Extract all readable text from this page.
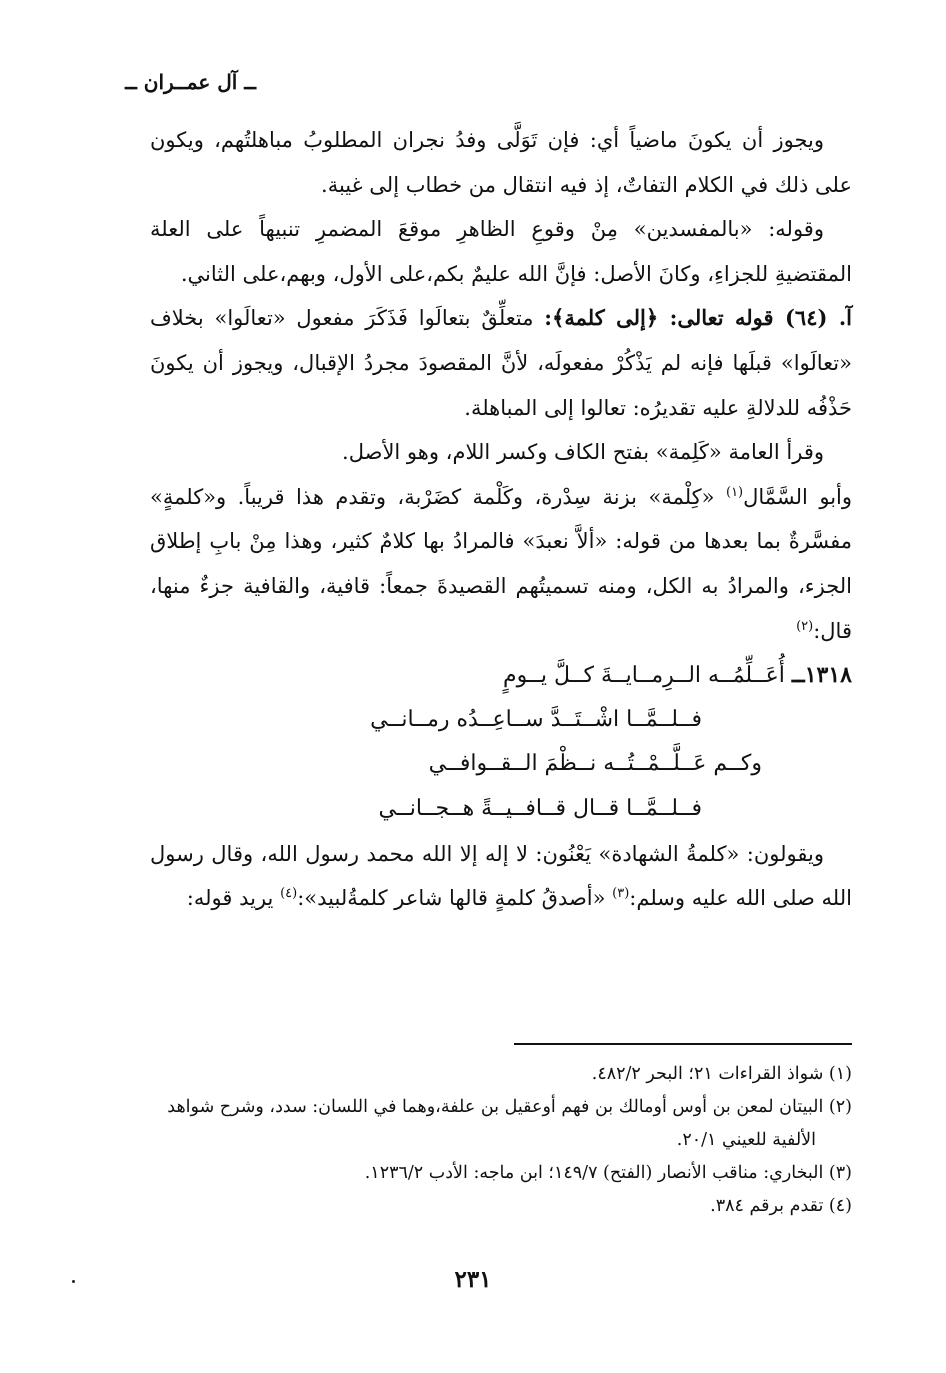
ــ آل عمــران ــ

ويجوز أن يكونَ ماضياً أي: فإن تَوَلَّى وفدُ نجران المطلوبُ مباهلتُهم، ويكون على ذلك في الكلام التفاتٌ، إذ فيه انتقال من خطاب إلى غيبة.

وقوله: «بالمفسدين» مِنْ وقوعِ الظاهرِ موقعَ المضمرِ تنبيهاً على العلة المقتضيةِ للجزاءِ، وكانَ الأصل: فإنَّ الله عليمٌ بكم،على الأول، وبهم،على الثاني.

آ. (٦٤) قوله تعالى: ﴿إلى كلمة﴾: متعلِّقٌ بتعالَوا فَذَكَرَ مفعول «تعالَوا» بخلاف «تعالَوا» قبلَها فإنه لم يَذْكُرْ مفعولَه، لأنَّ المقصودَ مجردُ الإقبال، ويجوز أن يكونَ حَذْفُه للدلالةِ عليه تقديرُه: تعالوا إلى المباهلة.

وقرأ العامة «كَلِمة» بفتح الكاف وكسر اللام، وهو الأصل.

وأبو السَّمَّال$^{(١)}$ «كِلْمة» بزنة سِدْرة، وكَلْمة كضَرْبة، وتقدم هذا قريباً. و«كلمةٍ» مفسَّرةٌ بما بعدها من قوله: «ألاَّ نعبدَ» فالمرادُ بها كلامٌ كثير، وهذا مِنْ بابِ إطلاق الجزء، والمرادُ به الكل، ومنه تسميتُهم القصيدةَ جمعاً: قافية، والقافية جزءٌ منها، قال:$^{(٢)}$

١٣١٨ــ أُعَــلِّمُــه الــرِمــايــةَ كــلَّ يــومٍ
فــلــمَّــا اشْــتَــدَّ ســاعِــدُه رمــانــي
وكــم عَــلَّــمْــتُــه نــظْمَ الــقــوافــي
فــلــمَّــا قــال قــافــيــةً هــجــانــي

ويقولون: «كلمةُ الشهادة» يَعْنُون: لا إله إلا الله محمد رسول الله، وقال رسول الله صلى الله عليه وسلم:$^{(٣)}$ «أصدقُ كلمةٍ قالها شاعر كلمةُلبيد»:$^{(٤)}$ يريد قوله:

(١) شواذ القراءات ٢١؛ البحر ٤٨٢/٢.

(٢) البيتان لمعن بن أوس أومالك بن فهم أوعقيل بن علفة،وهما في اللسان: سدد، وشرح شواهد الألفية للعيني ٢٠/١.

(٣) البخاري: مناقب الأنصار (الفتح) ١٤٩/٧؛ ابن ماجه: الأدب ١٢٣٦/٢.

(٤) تقدم برقم ٣٨٤.

٢٣١
